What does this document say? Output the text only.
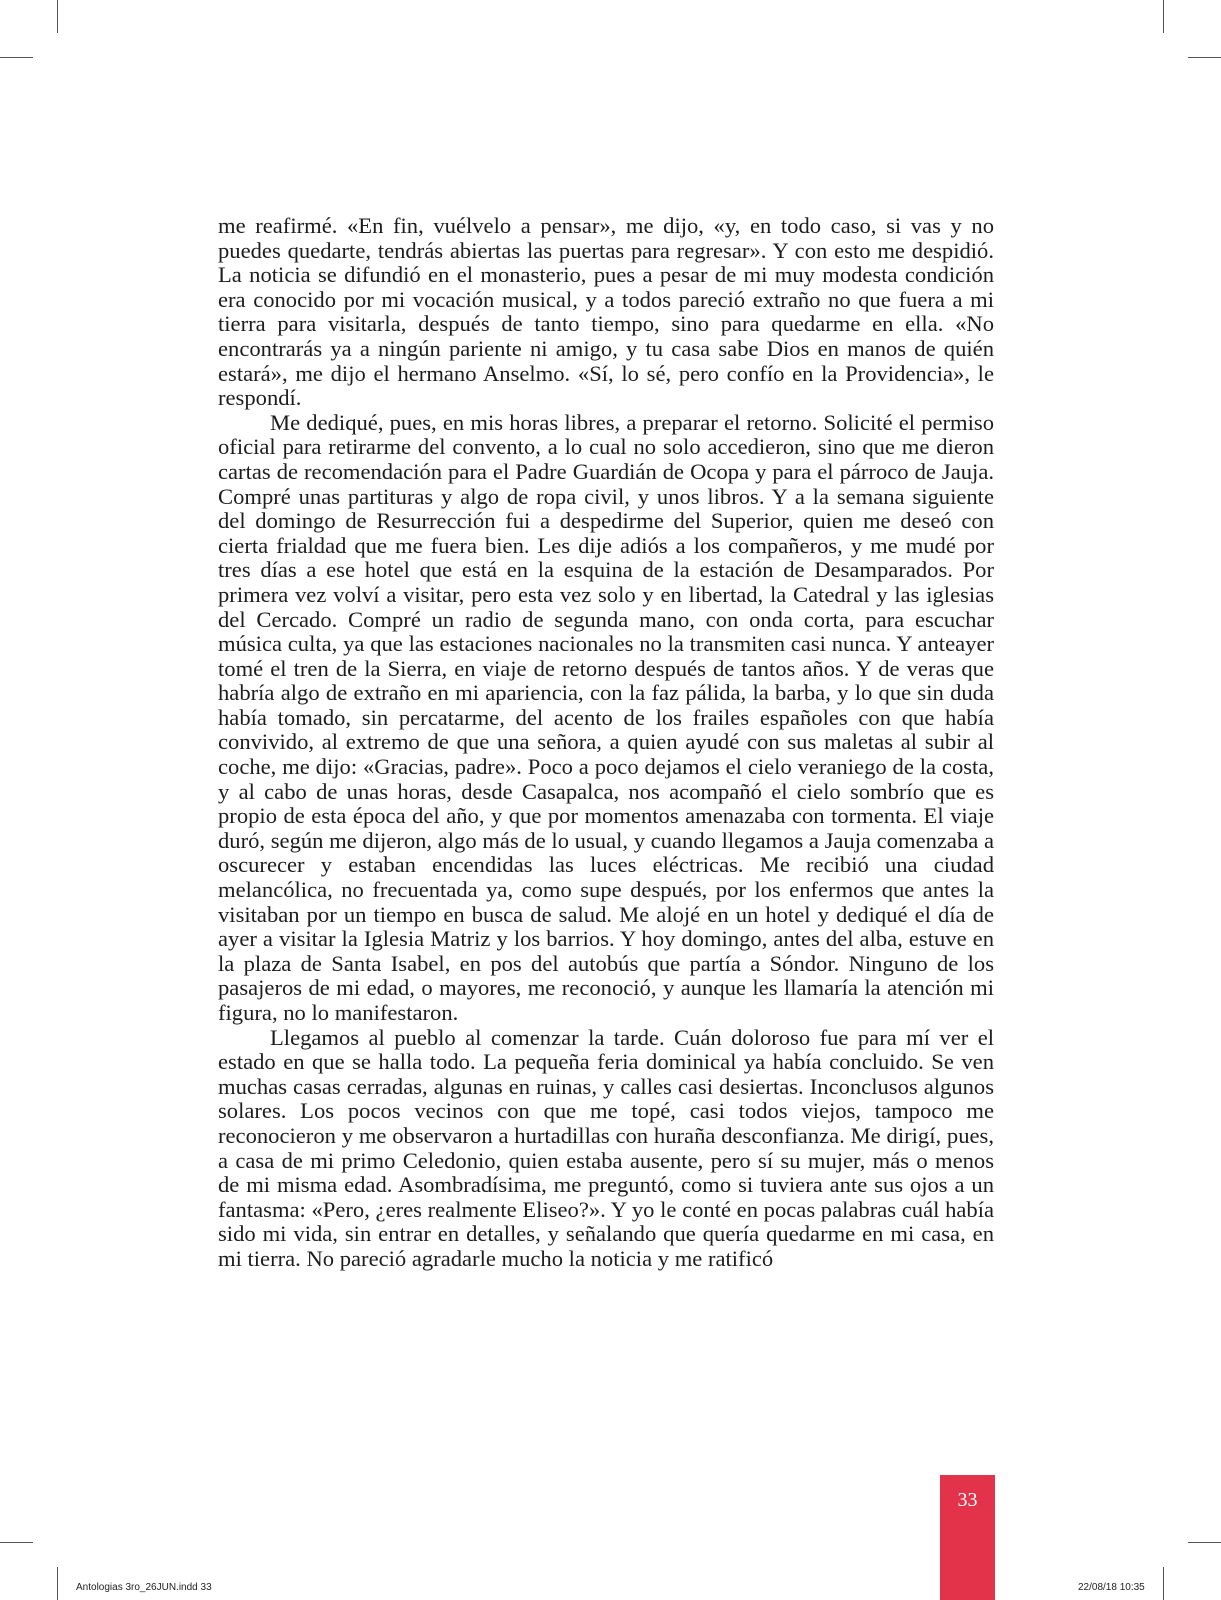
me reafirmé. «En fin, vuélvelo a pensar», me dijo, «y, en todo caso, si vas y no puedes quedarte, tendrás abiertas las puertas para regresar». Y con esto me despidió. La noticia se difundió en el monasterio, pues a pesar de mi muy modesta condición era conocido por mi vocación musical, y a todos pareció extraño no que fuera a mi tierra para visitarla, después de tanto tiempo, sino para quedarme en ella. «No encontrarás ya a ningún pariente ni amigo, y tu casa sabe Dios en manos de quién estará», me dijo el hermano Anselmo. «Sí, lo sé, pero confío en la Providencia», le respondí.

Me dediqué, pues, en mis horas libres, a preparar el retorno. Solicité el permiso oficial para retirarme del convento, a lo cual no solo accedieron, sino que me dieron cartas de recomendación para el Padre Guardián de Ocopa y para el párroco de Jauja. Compré unas partituras y algo de ropa civil, y unos libros. Y a la semana siguiente del domingo de Resurrección fui a despedirme del Superior, quien me deseó con cierta frialdad que me fuera bien. Les dije adiós a los compañeros, y me mudé por tres días a ese hotel que está en la esquina de la estación de Desamparados. Por primera vez volví a visitar, pero esta vez solo y en libertad, la Catedral y las iglesias del Cercado. Compré un radio de segunda mano, con onda corta, para escuchar música culta, ya que las estaciones nacionales no la transmiten casi nunca. Y anteayer tomé el tren de la Sierra, en viaje de retorno después de tantos años. Y de veras que habría algo de extraño en mi apariencia, con la faz pálida, la barba, y lo que sin duda había tomado, sin percatarme, del acento de los frailes españoles con que había convivido, al extremo de que una señora, a quien ayudé con sus maletas al subir al coche, me dijo: «Gracias, padre». Poco a poco dejamos el cielo veraniego de la costa, y al cabo de unas horas, desde Casapalca, nos acompañó el cielo sombrío que es propio de esta época del año, y que por momentos amenazaba con tormenta. El viaje duró, según me dijeron, algo más de lo usual, y cuando llegamos a Jauja comenzaba a oscurecer y estaban encendidas las luces eléctricas. Me recibió una ciudad melancólica, no frecuentada ya, como supe después, por los enfermos que antes la visitaban por un tiempo en busca de salud. Me alojé en un hotel y dediqué el día de ayer a visitar la Iglesia Matriz y los barrios. Y hoy domingo, antes del alba, estuve en la plaza de Santa Isabel, en pos del autobús que partía a Sóndor. Ninguno de los pasajeros de mi edad, o mayores, me reconoció, y aunque les llamaría la atención mi figura, no lo manifestaron.

Llegamos al pueblo al comenzar la tarde. Cuán doloroso fue para mí ver el estado en que se halla todo. La pequeña feria dominical ya había concluido. Se ven muchas casas cerradas, algunas en ruinas, y calles casi desiertas. Inconclusos algunos solares. Los pocos vecinos con que me topé, casi todos viejos, tampoco me reconocieron y me observaron a hurtadillas con huraña desconfianza. Me dirigí, pues, a casa de mi primo Celedonio, quien estaba ausente, pero sí su mujer, más o menos de mi misma edad. Asombradísima, me preguntó, como si tuviera ante sus ojos a un fantasma: «Pero, ¿eres realmente Eliseo?». Y yo le conté en pocas palabras cuál había sido mi vida, sin entrar en detalles, y señalando que quería quedarme en mi casa, en mi tierra. No pareció agradarle mucho la noticia y me ratificó

33
Antologias 3ro_26JUN.indd 33	22/08/18 10:35
